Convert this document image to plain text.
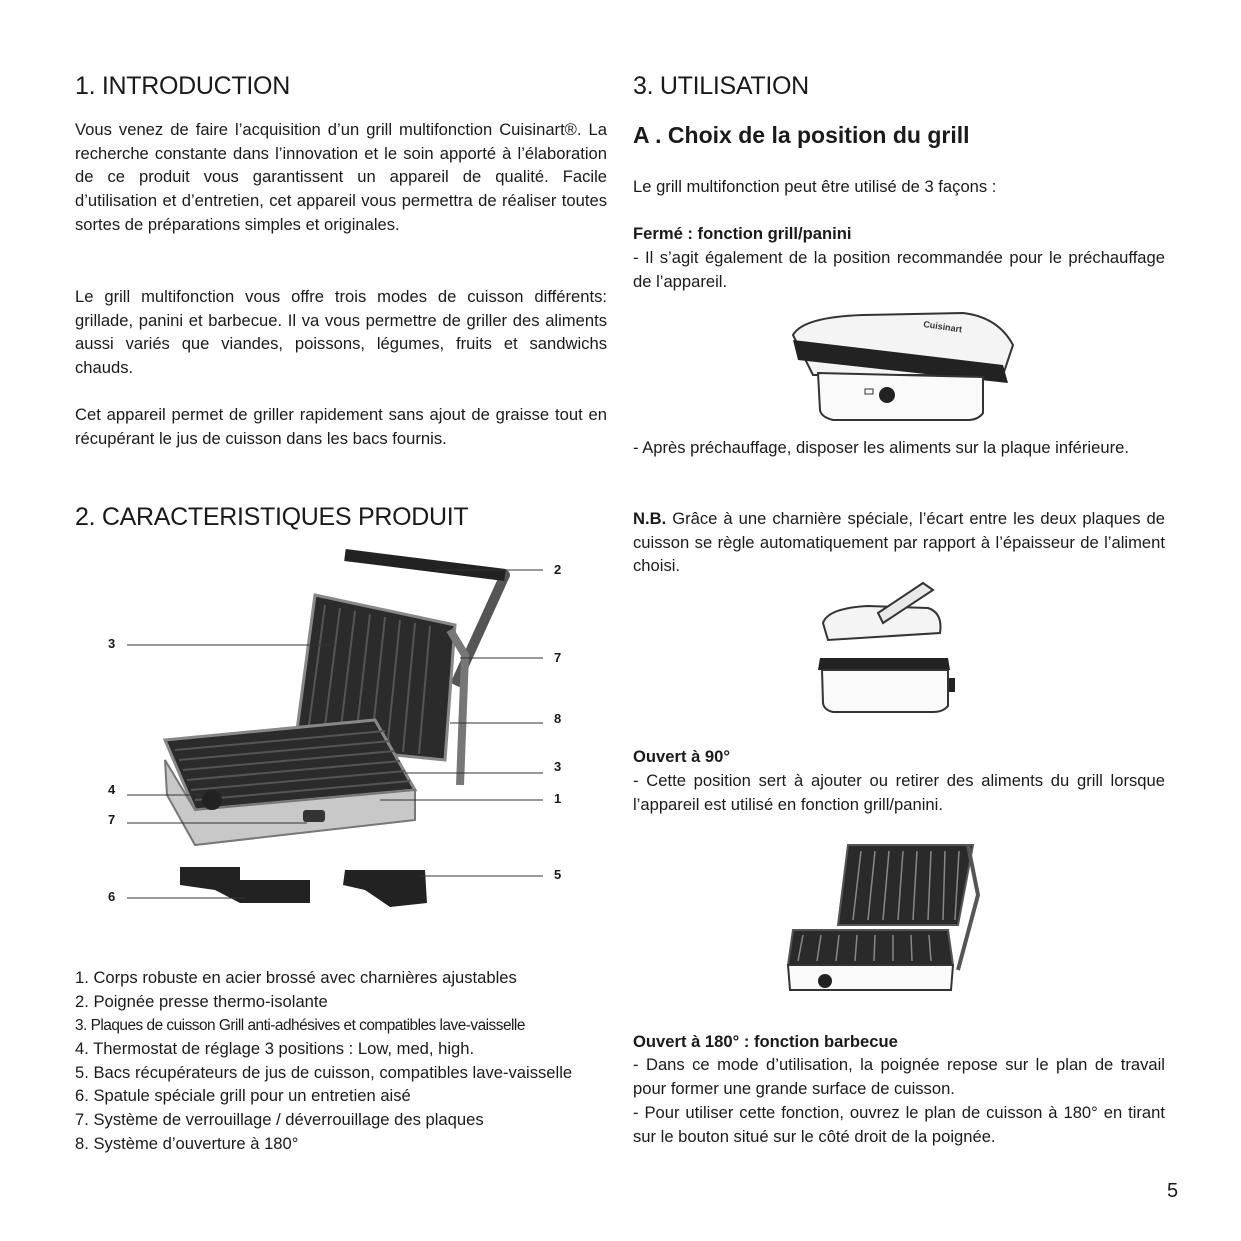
1. INTRODUCTION

Vous venez de faire l’acquisition d’un grill multifonction Cuisinart®. La recherche constante dans l’innovation et le soin apporté à l’élaboration de ce produit vous garantissent un appareil de qualité. Facile d’utilisation et d’entretien, cet appareil vous permettra de réaliser toutes sortes de préparations simples et originales.

Le grill multifonction vous offre trois modes de cuisson différents: grillade, panini et barbecue. Il va vous permettre de griller des aliments aussi variés que viandes, poissons, légumes, fruits et sandwichs chauds.

Cet appareil permet de griller rapidement sans ajout de graisse tout en récupérant le jus de cuisson dans les bacs fournis.

2. CARACTERISTIQUES PRODUIT
2
3
7
8
3
4
1
7
5
6
1. Corps robuste en acier brossé avec charnières ajustables
2. Poignée presse thermo-isolante
3. Plaques de cuisson Grill anti-adhésives et compatibles lave-vaisselle
4. Thermostat de réglage 3 positions : Low, med, high.
5. Bacs récupérateurs de jus de cuisson, compatibles lave-vaisselle
6. Spatule spéciale grill pour un entretien aisé
7. Système de verrouillage / déverrouillage des plaques
8. Système d’ouverture à 180°
3. UTILISATION
A . Choix de la position du grill

Le grill multifonction peut être utilisé de 3 façons :

Fermé : fonction grill/panini

- Il s’agit également de la position recommandée pour le préchauffage de l’appareil.

Cuisinart

- Après préchauffage, disposer les aliments sur la plaque inférieure.

N.B. Grâce à une charnière spéciale, l’écart entre les deux plaques de cuisson se règle automatiquement par rapport à l’épaisseur de l’aliment choisi.

Ouvert à 90°

- Cette position sert à ajouter ou retirer des aliments du grill lorsque l’appareil est utilisé en fonction grill/panini.

Ouvert à 180° : fonction barbecue

- Dans ce mode d’utilisation, la poignée repose sur le plan de travail pour former une grande surface de cuisson.

- Pour utiliser cette fonction, ouvrez le plan de cuisson à 180° en tirant sur le bouton situé sur le côté droit de la poignée.

5
